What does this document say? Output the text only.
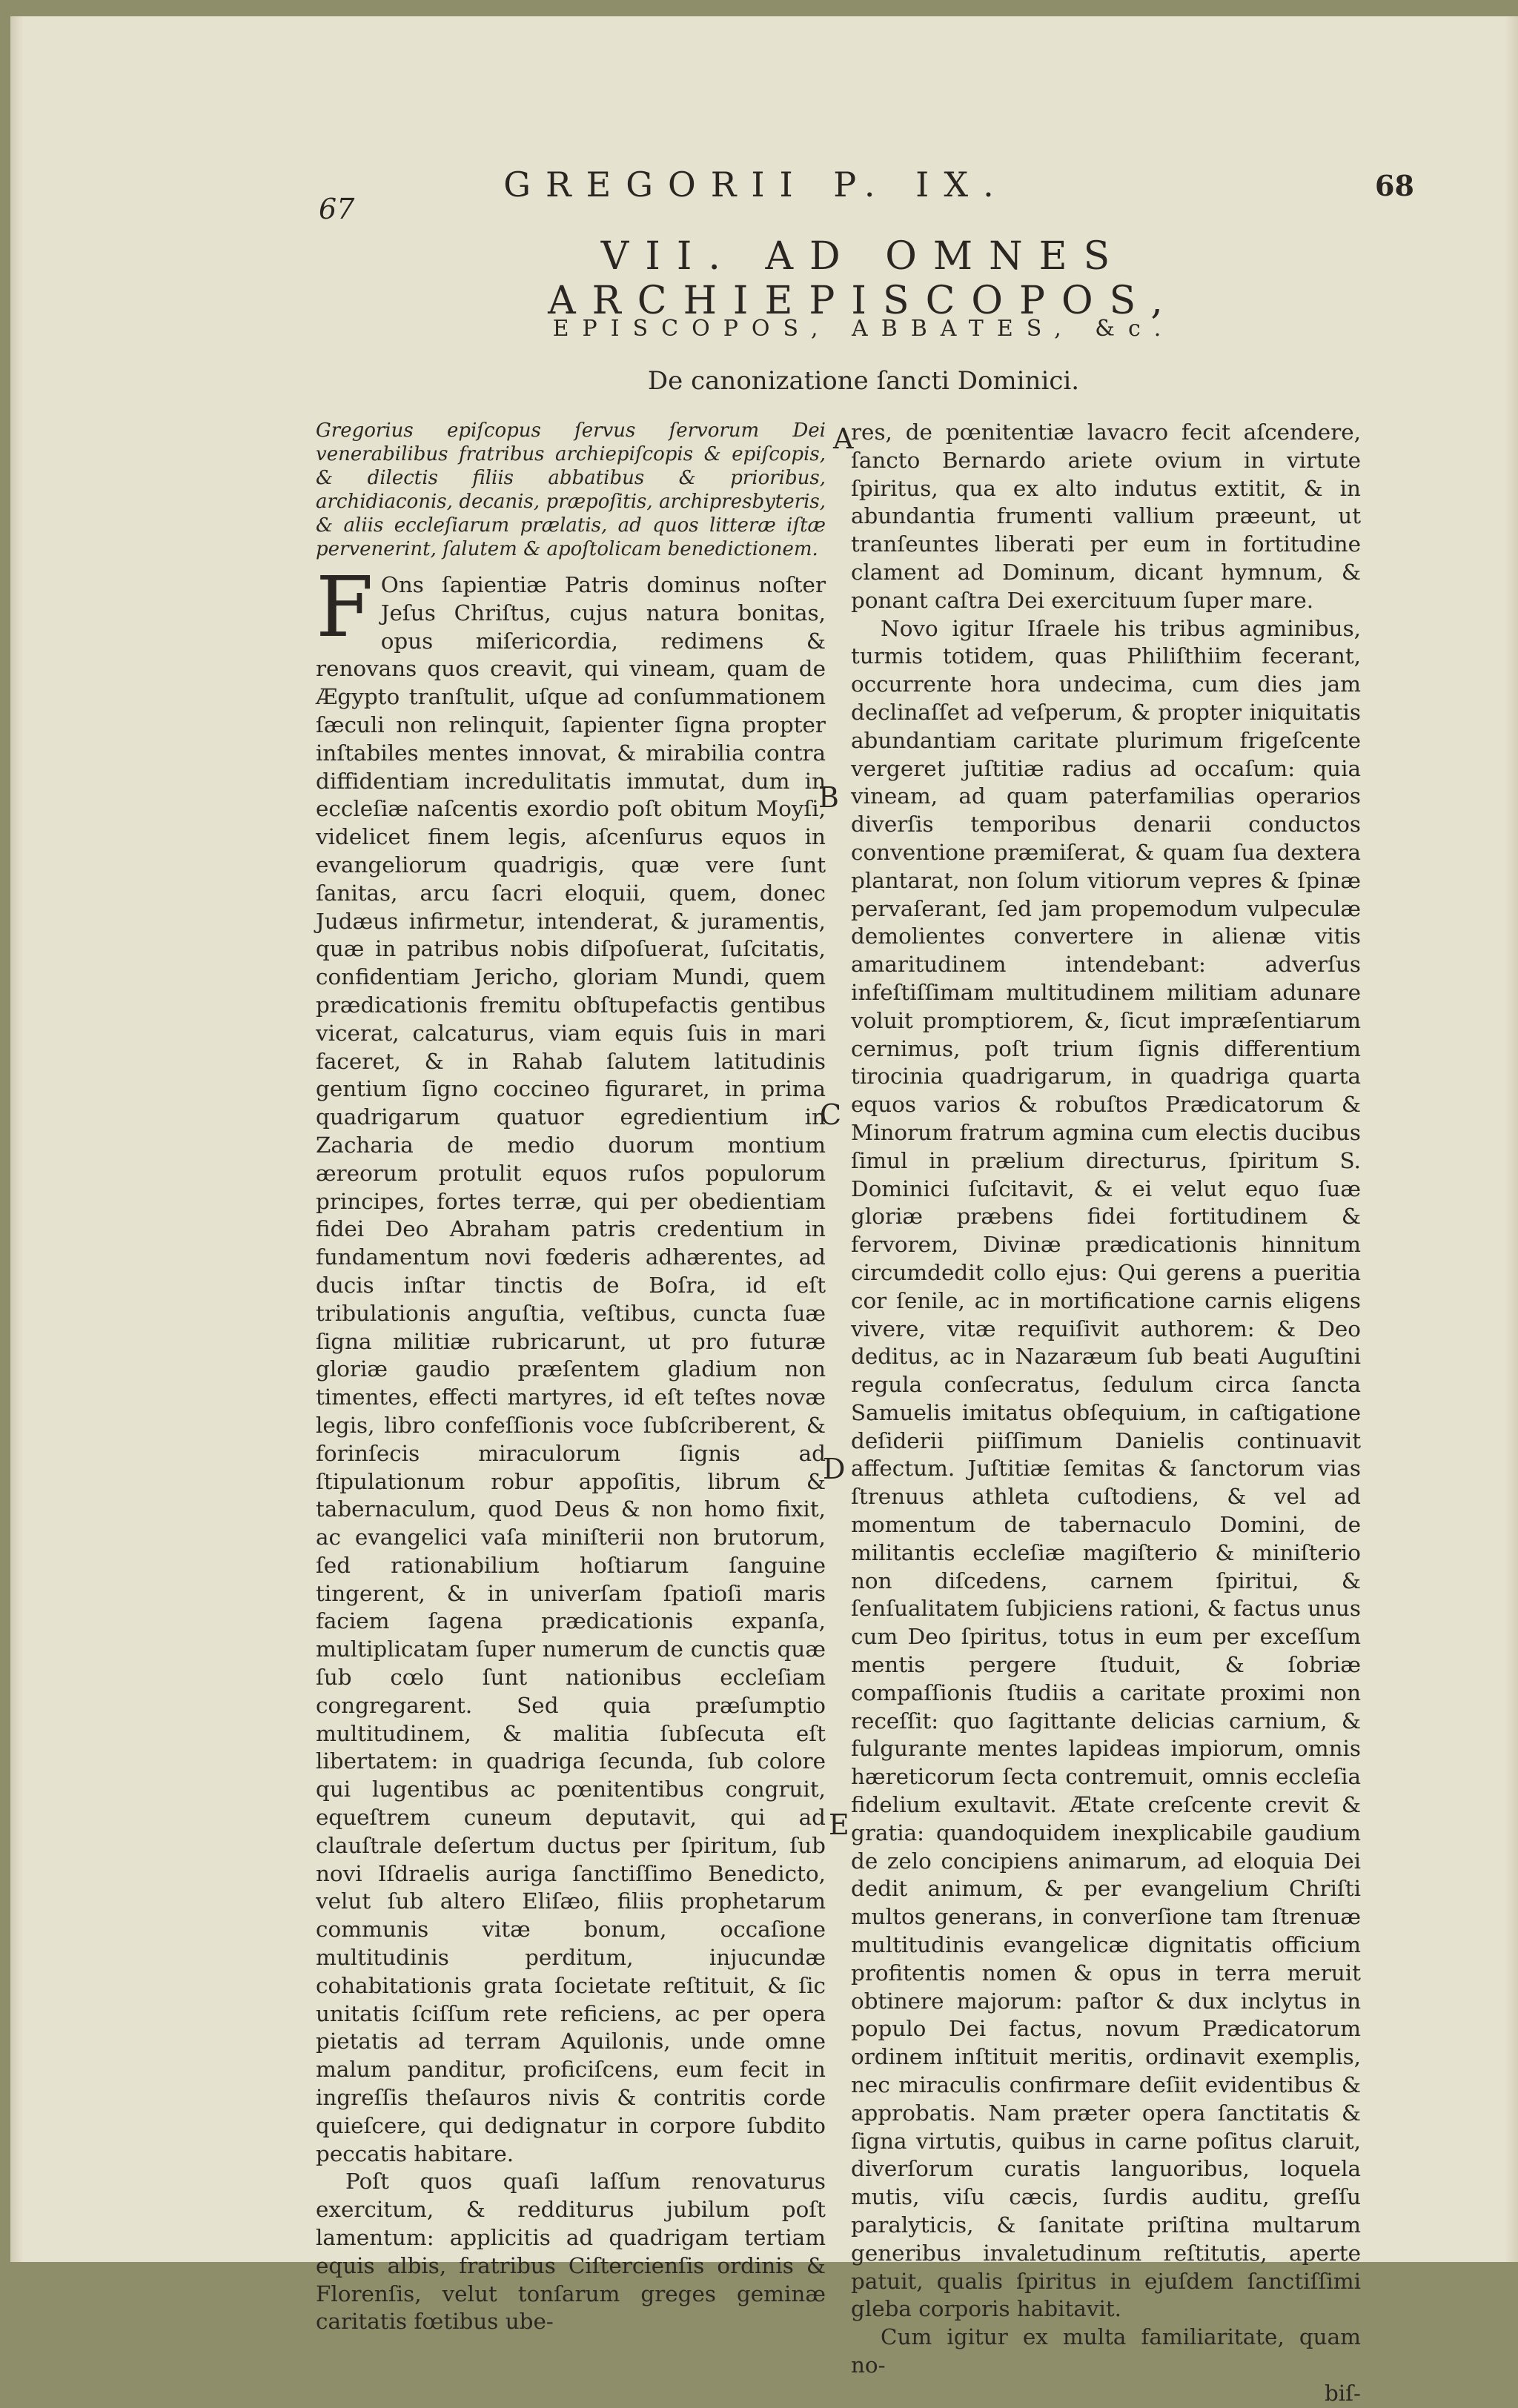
67
GREGORII P. IX.	68
VII. AD OMNES ARCHIEPISCOPOS,
EPISCOPOS, ABBATES, &c.
De canonizatione ſancti Dominici.
Gregorius epiſcopus ſervus ſervorum Dei venerabilibus fratribus archiepiſcopis & epiſcopis, & dilectis filiis abbatibus & prioribus, archidiaconis, decanis, præpoſitis, archipresbyteris, & aliis eccleſiarum prælatis, ad quos litteræ iſtæ pervenerint, ſalutem & apoſtolicam benedictionem.

F Ons ſapientiæ Patris dominus noſter Jeſus Chriſtus, cujus natura bonitas, opus miſericordia, redimens & renovans quos creavit, qui vineam, quam de Ægypto tranſtulit, uſque ad conſummationem ſæculi non relinquit, ſapienter ſigna propter inſtabiles mentes innovat, & mirabilia contra diffidentiam incredulitatis immutat, dum in eccleſiæ naſcentis exordio poſt obitum Moyſi, videlicet finem legis, aſcenſurus equos in evangeliorum quadrigis, quæ vere ſunt ſanitas, arcu ſacri eloquii, quem, donec Judæus infirmetur, intenderat, & juramentis, quæ in patribus nobis diſpoſuerat, ſuſcitatis, confidentiam Jericho, gloriam Mundi, quem prædicationis fremitu obſtupefactis gentibus vicerat, calcaturus, viam equis ſuis in mari faceret, & in Rahab ſalutem latitudinis gentium ſigno coccineo figuraret, in prima quadrigarum quatuor egredientium in Zacharia de medio duorum montium æreorum protulit equos ruſos populorum principes, fortes terræ, qui per obedientiam fidei Deo Abraham patris credentium in fundamentum novi fœderis adhærentes, ad ducis inſtar tinctis de Boſra, id eſt tribulationis anguſtia, veſtibus, cuncta ſuæ ſigna militiæ rubricarunt, ut pro futuræ gloriæ gaudio præſentem gladium non timentes, effecti martyres, id eſt teſtes novæ legis, libro confeſſionis voce ſubſcriberent, & forinſecis miraculorum ſignis ad ſtipulationum robur appoſitis, librum & tabernaculum, quod Deus & non homo fixit, ac evangelici vaſa miniſterii non brutorum, ſed rationabilium hoſtiarum ſanguine tingerent, & in univerſam ſpatioſi maris faciem ſagena prædicationis expanſa, multiplicatam ſuper numerum de cunctis quæ ſub cœlo ſunt nationibus eccleſiam congregarent. Sed quia præſumptio multitudinem, & malitia ſubſecuta eſt libertatem: in quadriga ſecunda, ſub colore qui lugentibus ac pœnitentibus congruit, equeſtrem cuneum deputavit, qui ad clauſtrale deſertum ductus per ſpiritum, ſub novi Iſdraelis auriga ſanctiſſimo Benedicto, velut ſub altero Eliſæo, filiis prophetarum communis vitæ bonum, occaſione multitudinis perditum, injucundæ cohabitationis grata ſocietate reſtituit, & ſic unitatis ſciſſum rete reficiens, ac per opera pietatis ad terram Aquilonis, unde omne malum panditur, proficiſcens, eum fecit in ingreſſis theſauros nivis & contritis corde quieſcere, qui dedignatur in corpore ſubdito peccatis habitare.

Poſt quos quaſi laſſum renovaturus exercitum, & redditurus jubilum poſt lamentum: applicitis ad quadrigam tertiam equis albis, fratribus Ciſtercienſis ordinis & Florenſis, velut tonſarum greges geminæ caritatis fœtibus ube-

res, de pœnitentiæ lavacro fecit aſcendere, ſancto Bernardo ariete ovium in virtute ſpiritus, qua ex alto indutus extitit, & in abundantia frumenti vallium præeunt, ut tranſeuntes liberati per eum in fortitudine clament ad Dominum, dicant hymnum, & ponant caſtra Dei exercituum ſuper mare.

Novo igitur Iſraele his tribus agminibus, turmis totidem, quas Philiſthiim fecerant, occurrente hora undecima, cum dies jam declinaſſet ad veſperum, & propter iniquitatis abundantiam caritate plurimum frigeſcente vergeret juſtitiæ radius ad occaſum: quia vineam, ad quam paterfamilias operarios diverſis temporibus denarii conductos conventione præmiſerat, & quam ſua dextera plantarat, non ſolum vitiorum vepres & ſpinæ pervaſerant, ſed jam propemodum vulpeculæ demolientes convertere in alienæ vitis amaritudinem intendebant: adverſus infeſtiſſimam multitudinem militiam adunare voluit promptiorem, &, ſicut impræſentiarum cernimus, poſt trium ſignis differentium tirocinia quadrigarum, in quadriga quarta equos varios & robuſtos Prædicatorum & Minorum fratrum agmina cum electis ducibus ſimul in prælium directurus, ſpiritum S. Dominici ſuſcitavit, & ei velut equo ſuæ gloriæ præbens fidei fortitudinem & fervorem, Divinæ prædicationis hinnitum circumdedit collo ejus: Qui gerens a pueritia cor ſenile, ac in mortificatione carnis eligens vivere, vitæ requiſivit authorem: & Deo deditus, ac in Nazaræum ſub beati Auguſtini regula conſecratus, ſedulum circa ſancta Samuelis imitatus obſequium, in caſtigatione deſiderii piiſſimum Danielis continuavit affectum. Juſtitiæ ſemitas & ſanctorum vias ſtrenuus athleta cuſtodiens, & vel ad momentum de tabernaculo Domini, de militantis eccleſiæ magiſterio & miniſterio non diſcedens, carnem ſpiritui, & ſenſualitatem ſubjiciens rationi, & factus unus cum Deo ſpiritus, totus in eum per exceſſum mentis pergere ſtuduit, & ſobriæ compaſſionis ſtudiis a caritate proximi non receſſit: quo ſagittante delicias carnium, & fulgurante mentes lapideas impiorum, omnis hæreticorum ſecta contremuit, omnis eccleſia fidelium exultavit. Ætate creſcente crevit & gratia: quandoquidem inexplicabile gaudium de zelo concipiens animarum, ad eloquia Dei dedit animum, & per evangelium Chriſti multos generans, in converſione tam ſtrenuæ multitudinis evangelicæ dignitatis officium profitentis nomen & opus in terra meruit obtinere majorum: paſtor & dux inclytus in populo Dei factus, novum Prædicatorum ordinem inſtituit meritis, ordinavit exemplis, nec miraculis confirmare deſiit evidentibus & approbatis. Nam præter opera ſanctitatis & ſigna virtutis, quibus in carne poſitus claruit, diverſorum curatis languoribus, loquela mutis, viſu cæcis, ſurdis auditu, greſſu paralyticis, & ſanitate priſtina multarum generibus invaletudinum reſtitutis, aperte patuit, qualis ſpiritus in ejuſdem ſanctiſſimi gleba corporis habitavit.

Cum igitur ex multa familiaritate, quam no-

biſ-

A
B
C
D
E
